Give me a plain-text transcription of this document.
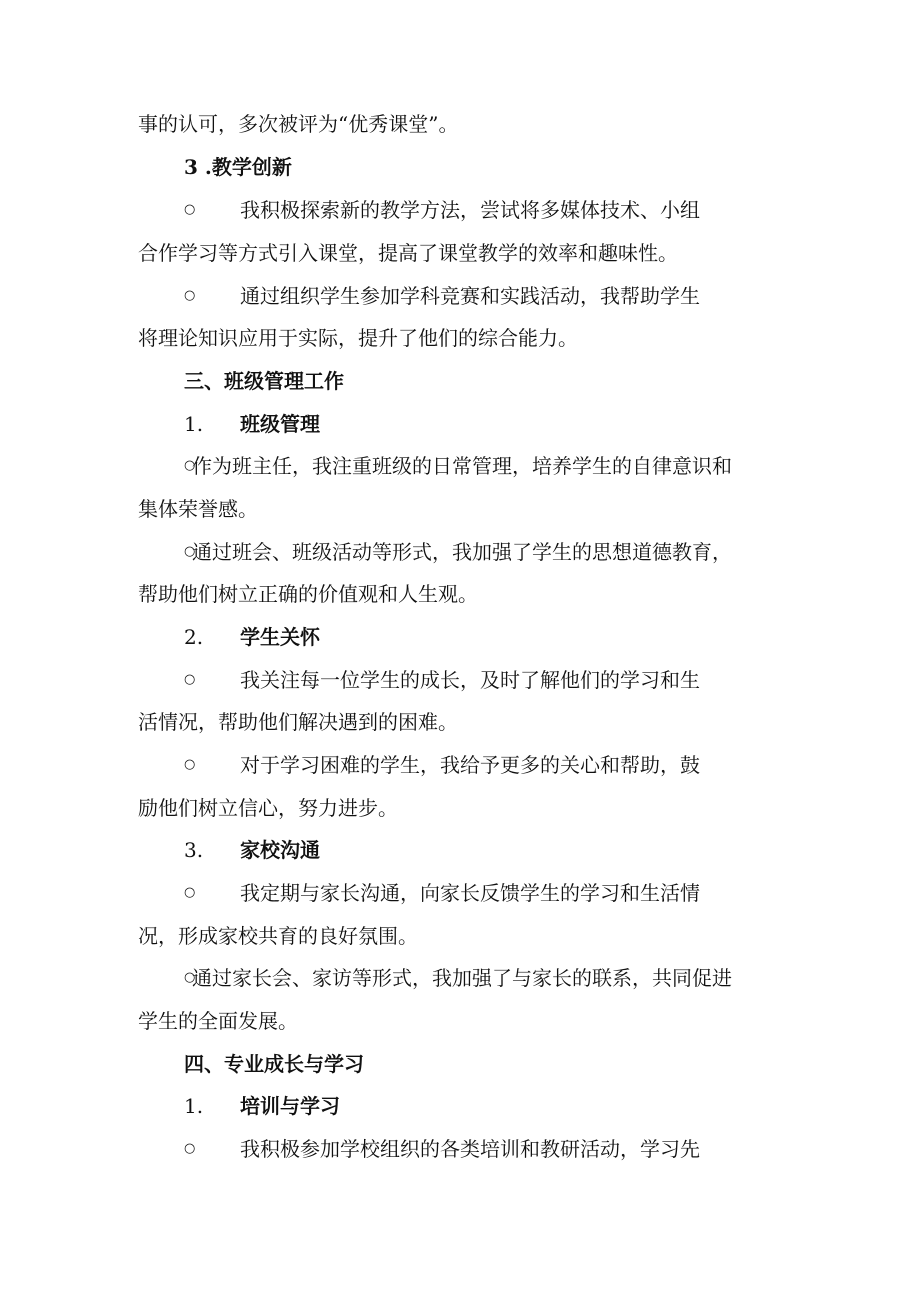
事的认可，多次被评为“优秀课堂”。
3 .教学创新
○ 我积极探索新的教学方法，尝试将多媒体技术、小组
合作学习等方式引入课堂，提高了课堂教学的效率和趣味性。
○ 通过组织学生参加学科竞赛和实践活动，我帮助学生
将理论知识应用于实际，提升了他们的综合能力。
三、班级管理工作
1. 班级管理
○
作为班主任，我注重班级的日常管理，培养学生的自律意识和
集体荣誉感。
○
通过班会、班级活动等形式，我加强了学生的思想道德教育，
帮助他们树立正确的价值观和人生观。
2. 学生关怀
○ 我关注每一位学生的成长，及时了解他们的学习和生
活情况，帮助他们解决遇到的困难。
○ 对于学习困难的学生，我给予更多的关心和帮助，鼓
励他们树立信心，努力进步。
3. 家校沟通
○ 我定期与家长沟通，向家长反馈学生的学习和生活情
况，形成家校共育的良好氛围。
○
通过家长会、家访等形式，我加强了与家长的联系，共同促进
学生的全面发展。
四、专业成长与学习
1. 培训与学习
○ 我积极参加学校组织的各类培训和教研活动，学习先
